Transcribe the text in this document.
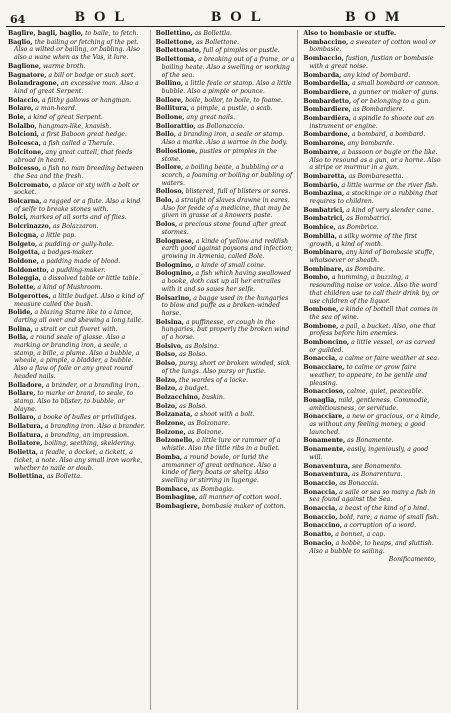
64	BOL	BOL	BOM

Baglire, bagli, baglio, to baile, to fetch.

Baglio, the bailing or fetching of the pet. Also a wilted or bailing, or babling. Also also a wane when as the Vas, it lure.

Baglione, warme broth.

Bagnatore, a bill or bodge or such sort.

Bolandragone, an excessive man. Also a kind of great Serpent.

Bolaccio, a filthy gallows or hangman.

Bolaro, a man-heard.

Bole, a kind of great Serpent.

Bolalbo, hangman-like, knavish.

Bolcioni, a first Baboon great hedge.

Bolcesca, a fish called a Therule.

Bolcitone, any great cattell, that feeds abroad in heard.

Bolcesso, a fish no man breeding between the Sea and the fresh.

Bolcromato, a place or sty with a bolt or socket.

Bolcarna, a ragged or a flute. Also a kind of selfe to breake stones with.

Bolci, markes of all sorts and of flies.

Bolcrinazzo, as Bolazzaron.

Bolcgna, a little pap.

Bolgeto, a pudding or gully-hole.

Bolgotta, a bodges-maker.

Boldone, a padding made of blood.

Boldonetto, a pudding-maker.

Boleggia, a dissolved table or little table.

Bolette, a kind of Mushroom.

Bolgerottes, a little budget. Also a kind of measure called the bush.

Bolide, a blazing Starre like to a lance, darting all over and shewing a long taile.

Bolina, a strait or cut fiveret with.

Bolla, a round seale of glasse. Also a marking or branding iron, a seale, a stamp, a bille, a plume. Also a bubble, a wheale, a pimple, a bladder, a bubble. Also a flaw of foile or any great round headed nails.

Bolladore, a brander, or a branding iron.

Bollare, to marke or brand, to seale, to stamp. Also to blister, to bubble, or blayne.

Bollaro, a booke of bulles or privilidges.

Bollatura, a branding iron. Also a brander.

Bollatura, a branding, an impression.

Bollatore, boiling, seething, skeldering.

Bolletta, a feadle, a docket, a tickett, a ticket, a note. Also any small iron worke, whether to naile or doub.

Bollettina, as Bolletta.

Bollettino, as Bollettla.

Bollettone, as Bollettone.

Bollettonato, full of pimples or pustle.

Bollettoma, a breaking out of a frame, or a boiling heate. Also a swelling or working of the sea.

Bollino, a little feale or stamp. Also a little bubble. Also a pimple or pounce.

Bollore, boile, bollor, to boile, to foame.

Bollitura, a pimple, a pustle, a scab.

Bollone, any great nails.

Bollorattio, as Bollonaccio.

Bollo, a branding iron, a seale or stamp. Also a marke. Also a warme in the body.

Bollostione, pustles or pimples in the stone.

Bollore, a boiling beate, a bubbling or a scorch, a foaming or boiling or bubling of waters.

Bolloso, blistered, full of blisters or sores.

Bolo, a straight of slaves drawne in eares. Also for feede of a medicine, that may be given in grasse at a knowers paste.

Bolos, a precious stone found after great stormes.

Bolognese, a kinde of yellow and reddish earth good against poysons and infection, growing in Armenia, called Bole.

Bolognino, a kinde of small coine.

Bolognino, a fish which having swallowed a hooke, doth cast up all her entrailes with it and so saues her selfe.

Bolsarino, a bagge used in the hungaries to blow and puffe as a broken-winded horse.

Bolsina, a puffinesse, or cough in the hungaries, but properly the broken wind of a horse.

Bolsivo, as Bolsina.

Bolso, as Bolso.

Bolso, pursy, short or broken winded, sick of the lungs. Also pursy or fustie.

Bolzo, the wardes of a locke.

Bolzo, a budget.

Bolzacchino, buskin.

Bolzo, as Bolso.

Bolzanata, a shoot with a bolt.

Bolzone, as Bolzonare.

Bolzone, as Bolzone.

Bolzonello, a little lure or rammer of a whistle. Also the little ribs in a bullet.

Bomba, a round bowle, or lurid the ammanner of great ordnance. Also a kinde of fiery boats or shelty. Also swelling or stirring in lugenge.

Bombace, as Bombagia.

Bombagine, all manner of cotton wool.

Bombagiere, bombasie maker of cotton.

Also to bombasie or stuffe.

Bombaccino, a sweater of cotton wool or bombasie.

Bombaccio, fustian, fustian or bombasie with a great noise.

Bombarda, any kind of bombard.

Bombardella, a small bombard or cannon.

Bombardiere, a gunner or maker of guns.

Bombardetto, of or belonging to a gun.

Bombardiere, as Bombardiere.

Bombardièra, a spindle to shoote out an instrument or engine.

Bombardone, a bombard, a bombard.

Bombarone, any bombarde.

Bombarre, a bassoon or bugle or the like. Also to resound as a gun, or a horne. Also a stripe or murmur in a gun.

Bombaretta, as Bombaresetta.

Bombàrio, a little warme or the river fish.

Bombazina, a stockinge or a rubbing that requires to children.

Bombatrici, a kind of very slender cane.

Bombatrici, as Bombatrici.

Bombice, as Bombrice.

Bombilla, a silky worme of the first growth, a kind of moth.

Bombinaro, any kind of bombasie stuffe, whatsoever or sheath.

Bombinare, as Bombare.

Bombo, a humming, a buzzing, a resounding noise or voice. Also the word that children use to call their drink by, or use children of the liquor.

Bombone, a kinde of bottell that comes in the sea of wine.

Bombone, a pail, a bucket. Also, one that profess before him enemies.

Bomboncino, a little vessel, or as carved or guilded.

Bonaccia, a calme or faire weather at sea.

Bonacciare, to calme or grow faire weather, to appeare, to be gentle and pleasing.

Bonaccioso, calme, quiet, peaceable.

Bonaglia, mild, gentleness. Commodie, ambitiousness, or servitude.

Bonacciare, a new or gracious, or a kinde, as without any feeling money, a good launched.

Bonamente, as Bonamente.

Bonamente, easily, ingeniously, a good will.

Bonaventura, see Bonamento.

Bonaventura, as Bonarentura.

Bonaccio, as Bonaccia.

Bonaccia, a saile or sea so many a fish in sea found against the Sea.

Bonaccia, a beast of the kind of a hind.

Bonaccio, bold, rare, a name of small fish.

Bonaccino, a corruption of a word.

Bonatto, a bonnet, a cap.

Bonacio, a hobbe, to heaps, and sluttish. Also a bubble to sailing.

Bonificamento,
